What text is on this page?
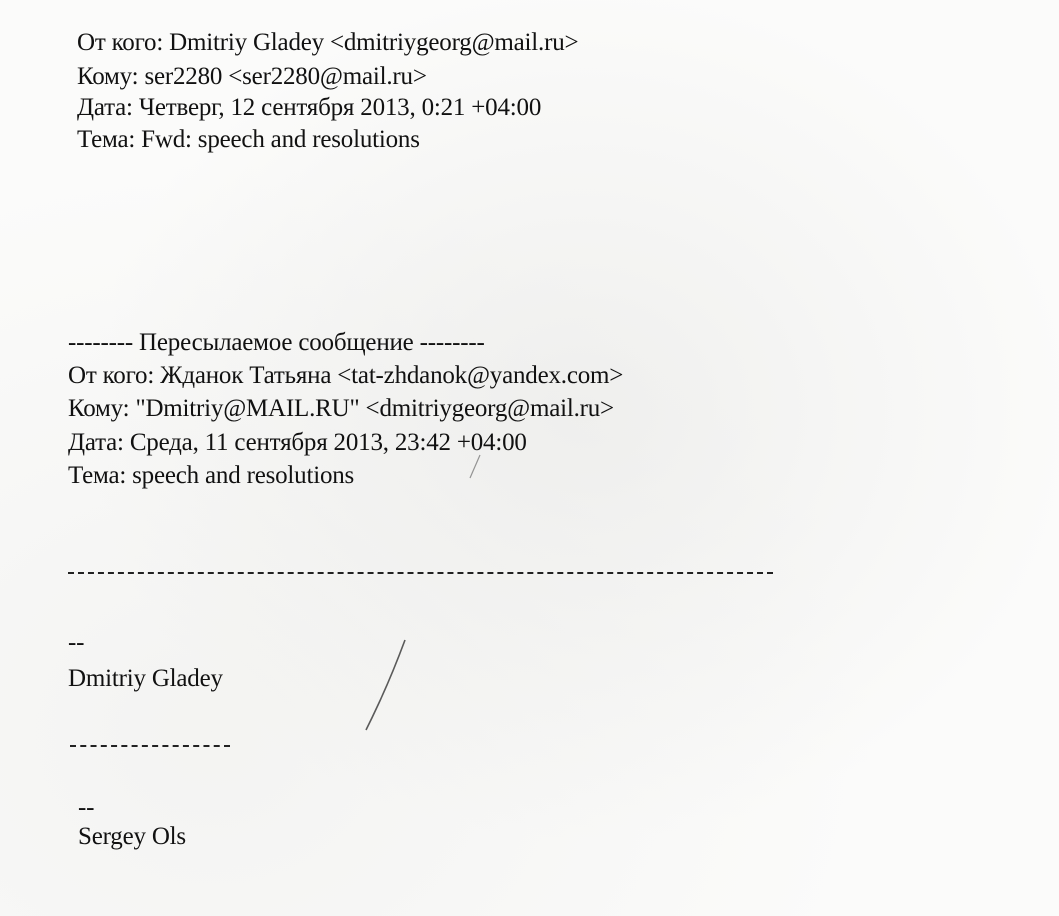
От кого: Dmitriy Gladey <dmitriygeorg@mail.ru>
Кому: ser2280 <ser2280@mail.ru>
Дата: Четверг, 12 сентября 2013, 0:21 +04:00
Тема: Fwd: speech and resolutions
-------- Пересылаемое сообщение --------
От кого: Жданок Татьяна <tat-zhdanok@yandex.com>
Кому: "Dmitriy@MAIL.RU" <dmitriygeorg@mail.ru>
Дата: Среда, 11 сентября 2013, 23:42 +04:00
Тема: speech and resolutions
--
Dmitriy Gladey
--
Sergey Ols
